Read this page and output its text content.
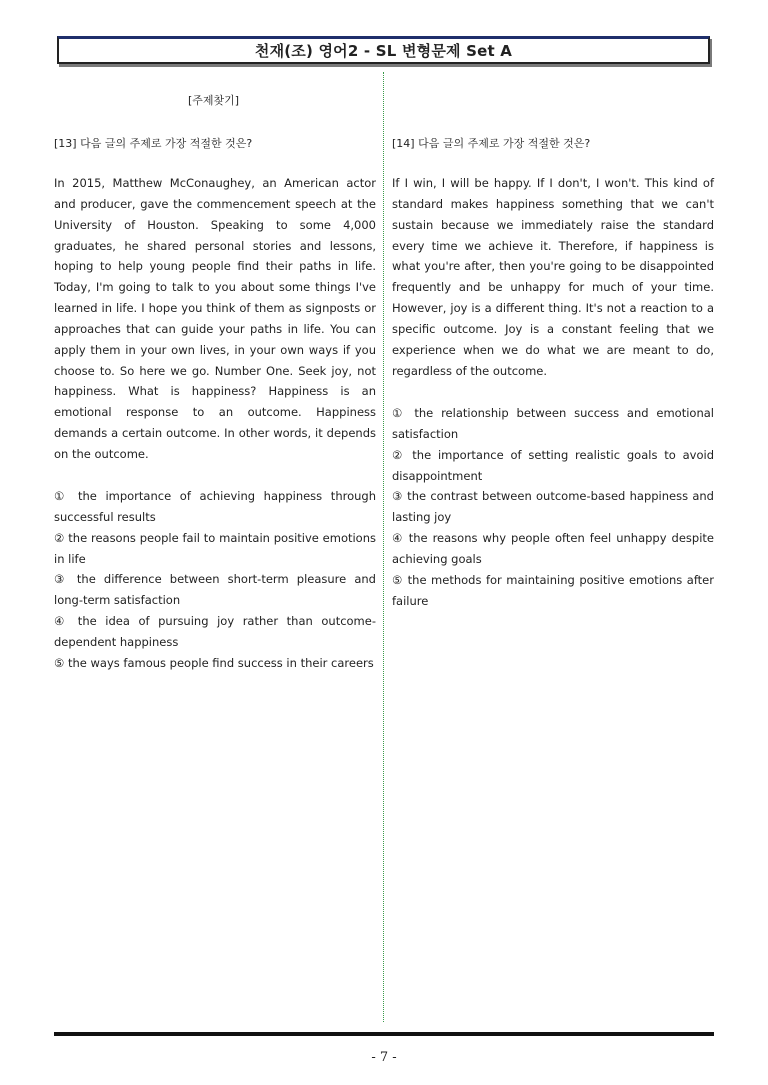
천재(조) 영어2 - SL 변형문제 Set A
[주제찾기]
[13] 다음 글의 주제로 가장 적절한 것은?
In 2015, Matthew McConaughey, an American actor and producer, gave the commencement speech at the University of Houston. Speaking to some 4,000 graduates, he shared personal stories and lessons, hoping to help young people find their paths in life. Today, I'm going to talk to you about some things I've learned in life. I hope you think of them as signposts or approaches that can guide your paths in life. You can apply them in your own lives, in your own ways if you choose to. So here we go. Number One. Seek joy, not happiness. What is happiness? Happiness is an emotional response to an outcome. Happiness demands a certain outcome. In other words, it depends on the outcome.
① the importance of achieving happiness through successful results
② the reasons people fail to maintain positive emotions in life
③ the difference between short-term pleasure and long-term satisfaction
④ the idea of pursuing joy rather than outcome-dependent happiness
⑤ the ways famous people find success in their careers
[14] 다음 글의 주제로 가장 적절한 것은?
If I win, I will be happy. If I don't, I won't. This kind of standard makes happiness something that we can't sustain because we immediately raise the standard every time we achieve it. Therefore, if happiness is what you're after, then you're going to be disappointed frequently and be unhappy for much of your time. However, joy is a different thing. It's not a reaction to a specific outcome. Joy is a constant feeling that we experience when we do what we are meant to do, regardless of the outcome.
① the relationship between success and emotional satisfaction
② the importance of setting realistic goals to avoid disappointment
③ the contrast between outcome-based happiness and lasting joy
④ the reasons why people often feel unhappy despite achieving goals
⑤ the methods for maintaining positive emotions after failure
- 7 -
